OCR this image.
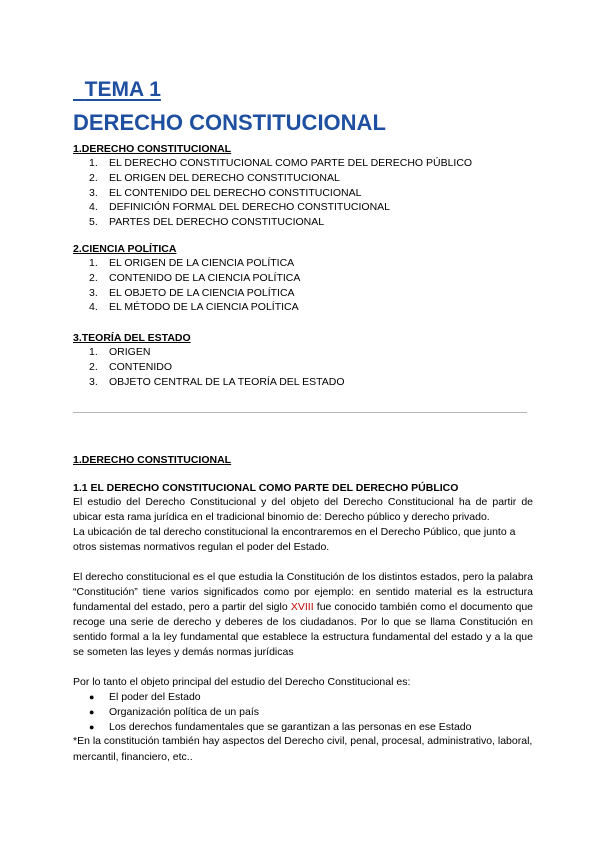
TEMA 1
DERECHO CONSTITUCIONAL

1.DERECHO CONSTITUCIONAL

1. EL DERECHO CONSTITUCIONAL COMO PARTE DEL DERECHO PÚBLICO
2. EL ORIGEN DEL DERECHO CONSTITUCIONAL
3. EL CONTENIDO DEL DERECHO CONSTITUCIONAL
4. DEFINICIÓN FORMAL DEL DERECHO CONSTITUCIONAL
5. PARTES DEL DERECHO CONSTITUCIONAL

2.CIENCIA POLÍTICA

1. EL ORIGEN DE LA CIENCIA POLÍTICA
2. CONTENIDO DE LA CIENCIA POLÍTICA
3. EL OBJETO DE LA CIENCIA POLÍTICA
4. EL MÉTODO DE LA CIENCIA POLÍTICA

3.TEORÍA DEL ESTADO

1. ORIGEN
2. CONTENIDO
3. OBJETO CENTRAL DE LA TEORÍA DEL ESTADO

1.DERECHO CONSTITUCIONAL

1.1 EL DERECHO CONSTITUCIONAL COMO PARTE DEL DERECHO PÚBLICO

El estudio del Derecho Constitucional y del objeto del Derecho Constitucional ha de partir de ubicar esta rama jurídica en el tradicional binomio de: Derecho público y derecho privado.

La ubicación de tal derecho constitucional la encontraremos en el Derecho Público, que junto a otros sistemas normativos regulan el poder del Estado.

El derecho constitucional es el que estudia la Constitución de los distintos estados, pero la palabra “Constitución” tiene varios significados como por ejemplo: en sentido material es la estructura fundamental del estado, pero a partir del siglo XVIII fue conocido también como el documento que recoge una serie de derecho y deberes de los ciudadanos. Por lo que se llama Constitución en sentido formal a la ley fundamental que establece la estructura fundamental del estado y a la que se someten las leyes y demás normas jurídicas

Por lo tanto el objeto principal del estudio del Derecho Constitucional es:

● El poder del Estado
● Organización política de un país
● Los derechos fundamentales que se garantizan a las personas en ese Estado

*En la constitución también hay aspectos del Derecho civil, penal, procesal, administrativo, laboral, mercantil, financiero, etc..
